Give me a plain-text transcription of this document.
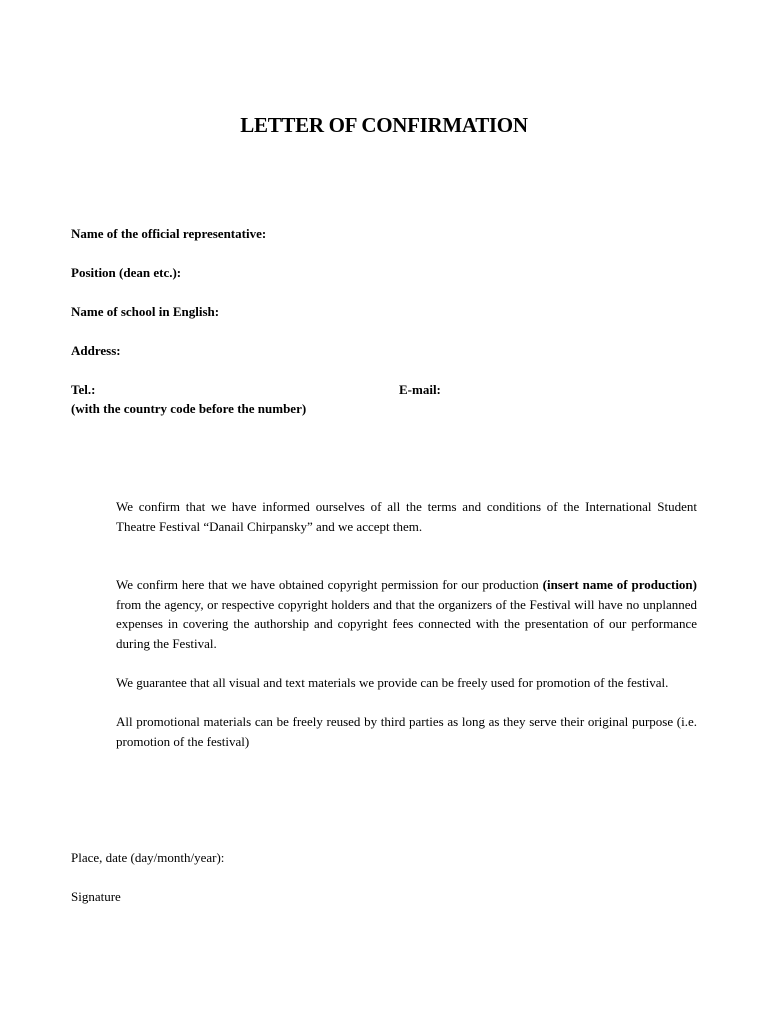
LETTER OF CONFIRMATION

Name of the official representative:

Position (dean etc.):

Name of school in English:

Address:

Tel.:	E-mail:

(with the country code before the number)

We confirm that we have informed ourselves of all the terms and conditions of the International Student Theatre Festival “Danail Chirpansky” and we accept them.

We confirm here that we have obtained copyright permission for our production (insert name of production) from the agency, or respective copyright holders and that the organizers of the Festival will have no unplanned expenses in covering the authorship and copyright fees connected with the presentation of our performance during the Festival.

We guarantee that all visual and text materials we provide can be freely used for promotion of the festival.

All promotional materials can be freely reused by third parties as long as they serve their original purpose (i.e. promotion of the festival)

Place, date (day/month/year):

Signature
